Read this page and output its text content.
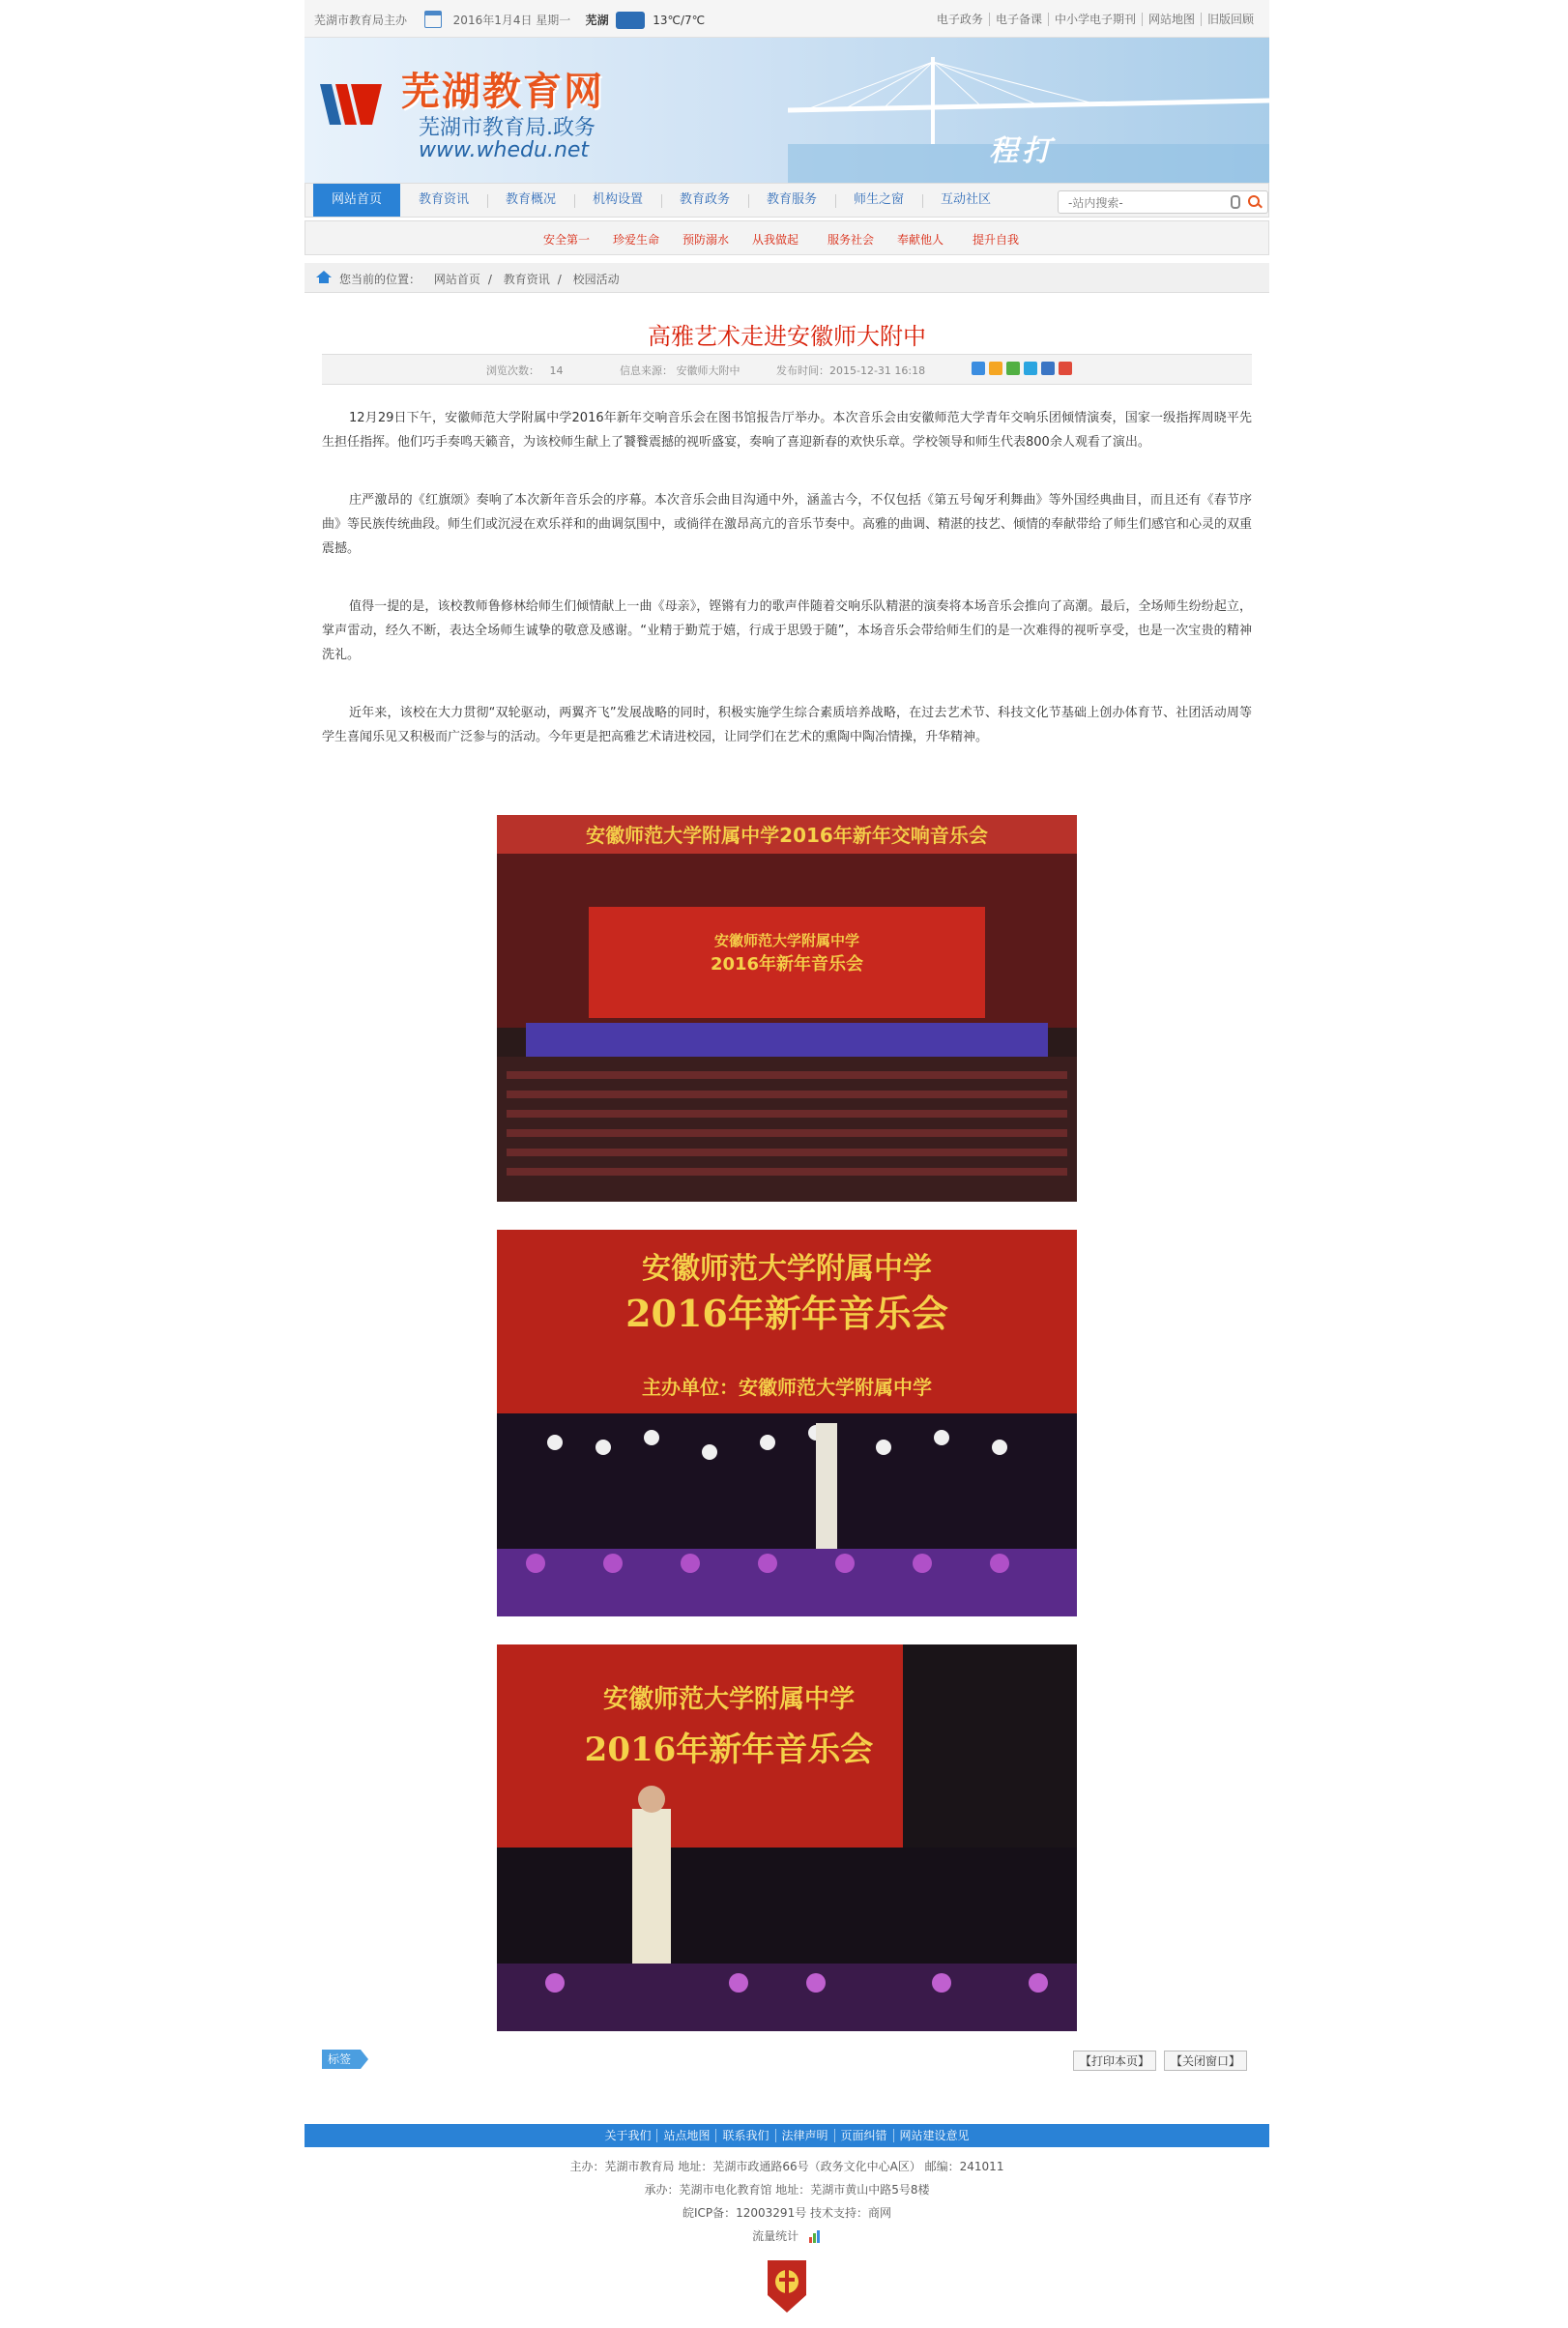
芜湖市教育局主办	2016年1月4日 星期一 芜湖	13℃/7℃	电子政务 电子备课 中小学电子期刊 网站地图 旧版回顾
芜湖教育网
芜湖市教育局.政务
www.whedu.net	程打
网站首页	教育资讯	教育概况	机构设置	教育政务	教育服务	师生之窗	互动社区
-站内搜索-
安全第一 珍爱生命 预防溺水 从我做起 服务社会 奉献他人 提升自我
您当前的位置： 网站首页 / 教育资讯 / 校园活动
高雅艺术走进安徽师大附中
浏览次数： 14	信息来源： 安徽师大附中	发布时间：2015-12-31 16:18

12月29日下午，安徽师范大学附属中学2016年新年交响音乐会在图书馆报告厅举办。本次音乐会由安徽师范大学青年交响乐团倾情演奏，国家一级指挥周晓平先生担任指挥。他们巧手奏鸣天籁音，为该校师生献上了饕餮震撼的视听盛宴，奏响了喜迎新春的欢快乐章。学校领导和师生代表800余人观看了演出。

庄严激昂的《红旗颂》奏响了本次新年音乐会的序幕。本次音乐会曲目沟通中外，涵盖古今，不仅包括《第五号匈牙利舞曲》等外国经典曲目，而且还有《春节序曲》等民族传统曲段。师生们或沉浸在欢乐祥和的曲调氛围中，或徜徉在激昂高亢的音乐节奏中。高雅的曲调、精湛的技艺、倾情的奉献带给了师生们感官和心灵的双重震撼。

值得一提的是，该校教师鲁修林给师生们倾情献上一曲《母亲》，铿锵有力的歌声伴随着交响乐队精湛的演奏将本场音乐会推向了高潮。最后，全场师生纷纷起立，掌声雷动，经久不断，表达全场师生诚挚的敬意及感谢。“业精于勤荒于嬉，行成于思毁于随”，本场音乐会带给师生们的是一次难得的视听享受，也是一次宝贵的精神洗礼。

近年来，该校在大力贯彻“双轮驱动，两翼齐飞”发展战略的同时，积极实施学生综合素质培养战略，在过去艺术节、科技文化节基础上创办体育节、社团活动周等学生喜闻乐见又积极而广泛参与的活动。今年更是把高雅艺术请进校园，让同学们在艺术的熏陶中陶冶情操，升华精神。

安徽师范大学附属中学2016年新年交响音乐会
安徽师范大学附属中学
2016年新年音乐会
安徽师范大学附属中学
2016年新年音乐会
主办单位：安徽师范大学附属中学
安徽师范大学附属中学
2016年新年音乐会
标签	【打印本页】 【关闭窗口】
关于我们 站点地图 联系我们 法律声明 页面纠错 网站建设意见
主办：芜湖市教育局 地址：芜湖市政通路66号（政务文化中心A区） 邮编：241011
承办：芜湖市电化教育馆 地址：芜湖市黄山中路5号8楼
皖ICP备：12003291号 技术支持：商网
流量统计
